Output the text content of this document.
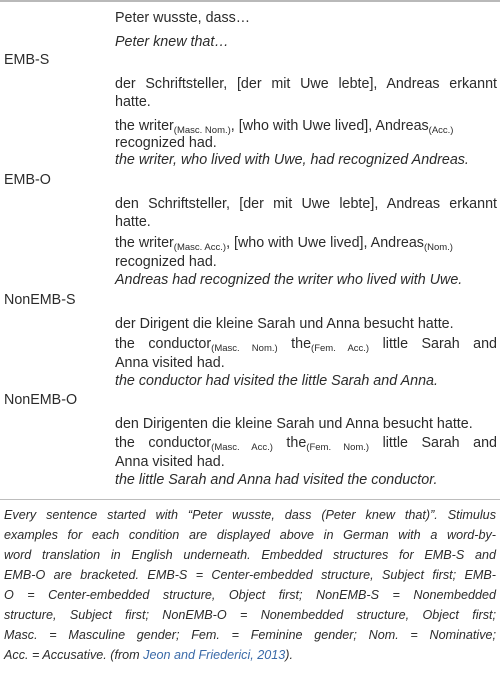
Peter wusste, dass…
Peter knew that…
EMB-S
der Schriftsteller, [der mit Uwe lebte], Andreas erkannt
hatte.
the writer$_{(Masc. Nom.)}$, [who with Uwe lived], Andreas$_{(Acc.)}$
recognized had.
the writer, who lived with Uwe, had recognized Andreas.
EMB-O
den Schriftsteller, [der mit Uwe lebte], Andreas erkannt
hatte.
the writer$_{(Masc. Acc.)}$, [who with Uwe lived], Andreas$_{(Nom.)}$
recognized had.
Andreas had recognized the writer who lived with Uwe.
NonEMB-S
der Dirigent die kleine Sarah und Anna besucht hatte.
the conductor$_{(Masc. Nom.)}$ the$_{(Fem. Acc.)}$ little Sarah and
Anna visited had.
the conductor had visited the little Sarah and Anna.
NonEMB-O
den Dirigenten die kleine Sarah und Anna besucht hatte.
the conductor$_{(Masc. Acc.)}$ the$_{(Fem. Nom.)}$ little Sarah and
Anna visited had.
the little Sarah and Anna had visited the conductor.
Every sentence started with “Peter wusste, dass (Peter knew that)”. Stimulus
examples for each condition are displayed above in German with a word-by-
word translation in English underneath. Embedded structures for EMB-S and
EMB-O are bracketed. EMB-S = Center-embedded structure, Subject first; EMB-
O = Center-embedded structure, Object first; NonEMB-S = Nonembedded
structure, Subject first; NonEMB-O = Nonembedded structure, Object first;
Masc. = Masculine gender; Fem. = Feminine gender; Nom. = Nominative;
Acc. = Accusative. (from Jeon and Friederici, 2013).
